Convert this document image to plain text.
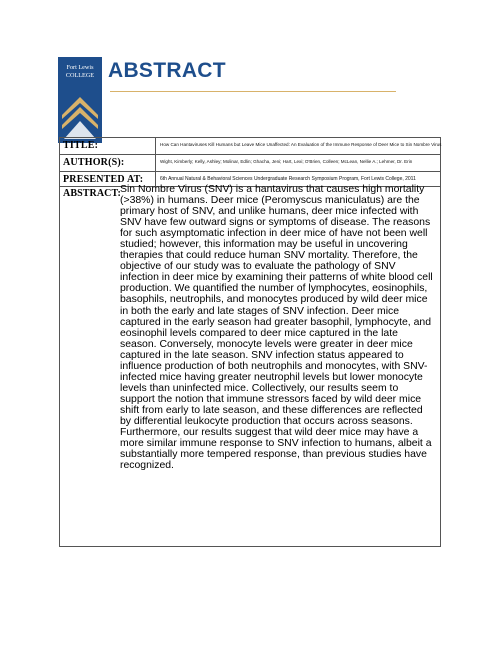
Fort Lewis
COLLEGE ABSTRACT
TITLE:	How Can Hantaviruses Kill Humans but Leave Mice Unaffected: An Evaluation of the Immune Response of Deer Mice to Sin Nombre Virus
AUTHOR(S):	Wight, Kimberly; Kelly, Ashley; Molinar, Edlin; Ghacha, Jeni; Hart, Lexi; O'Brien, Colleen; McLean, Nellie A.; Lehmer, Dr. Erin
PRESENTED AT:	6th Annual Natural & Behavioral Sciences Undergraduate Research Symposium Program, Fort Lewis College, 2011
ABSTRACT: Sin Nombre Virus (SNV) is a hantavirus that causes high mortality (>38%) in humans. Deer mice (Peromyscus maniculatus) are the primary host of SNV, and unlike humans, deer mice infected with SNV have few outward signs or symptoms of disease. The reasons for such asymptomatic infection in deer mice of have not been well studied; however, this information may be useful in uncovering therapies that could reduce human SNV mortality. Therefore, the objective of our study was to evaluate the pathology of SNV infection in deer mice by examining their patterns of white blood cell production. We quantified the number of lymphocytes, eosinophils, basophils, neutrophils, and monocytes produced by wild deer mice in both the early and late stages of SNV infection. Deer mice captured in the early season had greater basophil, lymphocyte, and eosinophil levels compared to deer mice captured in the late season. Conversely, monocyte levels were greater in deer mice captured in the late season. SNV infection status appeared to influence production of both neutrophils and monocytes, with SNV-infected mice having greater neutrophil levels but lower monocyte levels than uninfected mice. Collectively, our results seem to support the notion that immune stressors faced by wild deer mice shift from early to late season, and these differences are reflected by differential leukocyte production that occurs across seasons. Furthermore, our results suggest that wild deer mice may have a more similar immune response to SNV infection to humans, albeit a substantially more tempered response, than previous studies have recognized.
